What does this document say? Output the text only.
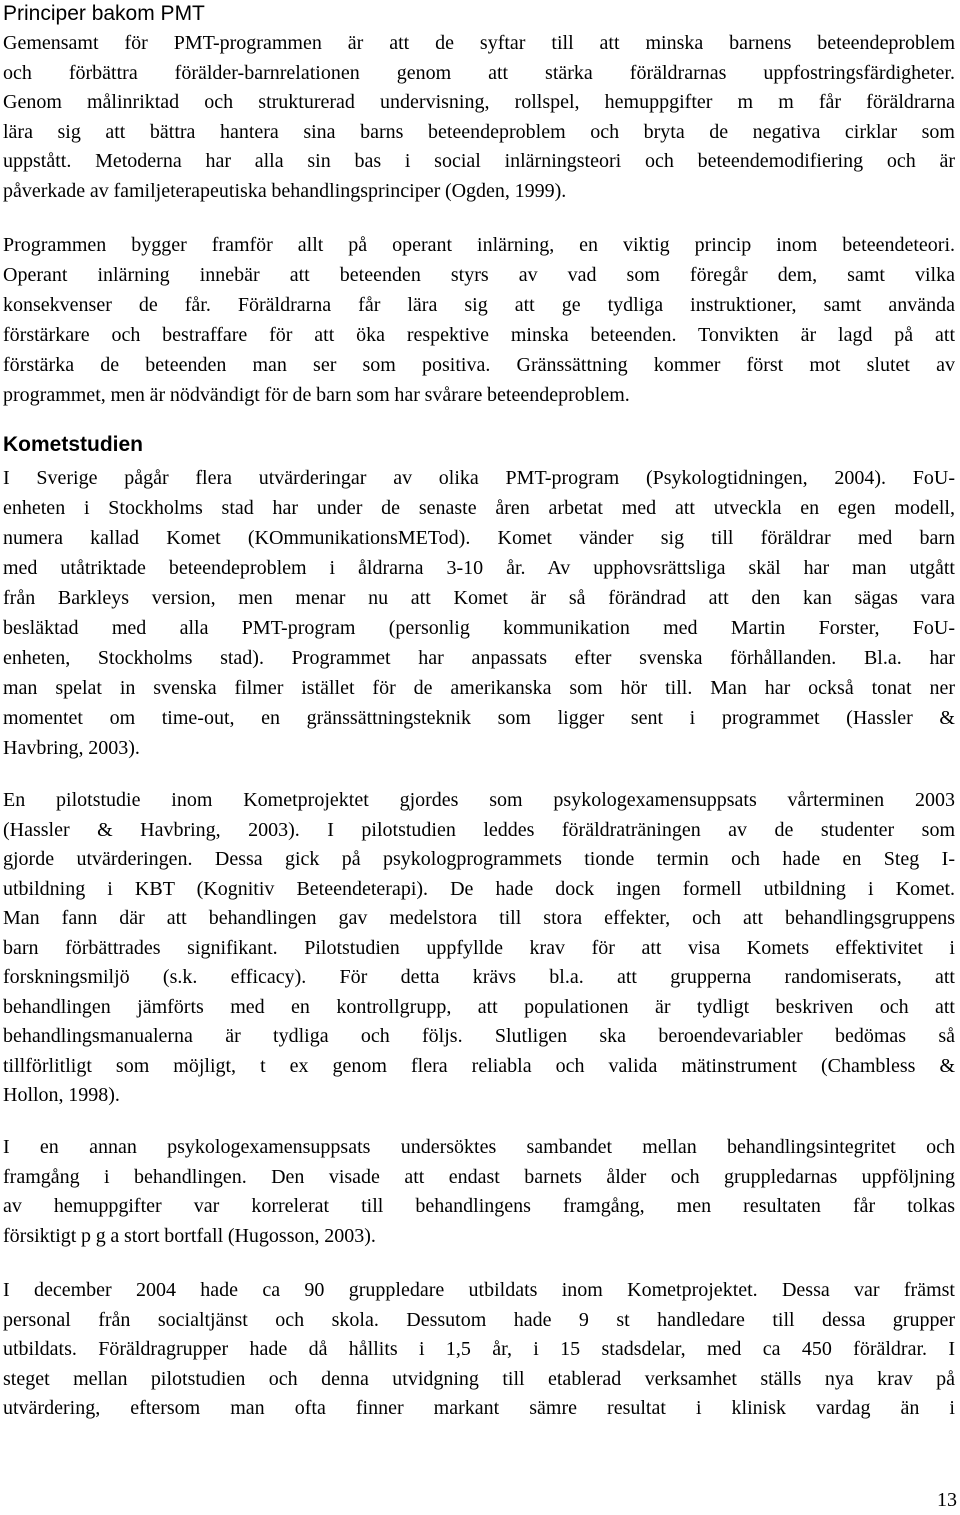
Principer bakom PMT
Gemensamt för PMT-programmen är att de syftar till att minska barnens beteendeproblem
och förbättra förälder-barnrelationen genom att stärka föräldrarnas uppfostringsfärdigheter.
Genom målinriktad och strukturerad undervisning, rollspel, hemuppgifter m m får föräldrarna
lära sig att bättra hantera sina barns beteendeproblem och bryta de negativa cirklar som
uppstått. Metoderna har alla sin bas i social inlärningsteori och beteendemodifiering och är
påverkade av familjeterapeutiska behandlingsprinciper (Ogden, 1999).
Programmen bygger framför allt på operant inlärning, en viktig princip inom beteendeteori.
Operant inlärning innebär att beteenden styrs av vad som föregår dem, samt vilka
konsekvenser de får. Föräldrarna får lära sig att ge tydliga instruktioner, samt använda
förstärkare och bestraffare för att öka respektive minska beteenden. Tonvikten är lagd på att
förstärka de beteenden man ser som positiva. Gränssättning kommer först mot slutet av
programmet, men är nödvändigt för de barn som har svårare beteendeproblem.
Kometstudien
I Sverige pågår flera utvärderingar av olika PMT-program (Psykologtidningen, 2004). FoU-
enheten i Stockholms stad har under de senaste åren arbetat med att utveckla en egen modell,
numera kallad Komet (KOmmunikationsMETod). Komet vänder sig till föräldrar med barn
med utåtriktade beteendeproblem i åldrarna 3-10 år. Av upphovsrättsliga skäl har man utgått
från Barkleys version, men menar nu att Komet är så förändrad att den kan sägas vara
besläktad med alla PMT-program (personlig kommunikation med Martin Forster, FoU-
enheten, Stockholms stad). Programmet har anpassats efter svenska förhållanden. Bl.a. har
man spelat in svenska filmer istället för de amerikanska som hör till. Man har också tonat ner
momentet om time-out, en gränssättningsteknik som ligger sent i programmet (Hassler &
Havbring, 2003).
En pilotstudie inom Kometprojektet gjordes som psykologexamensuppsats vårterminen 2003
(Hassler & Havbring, 2003). I pilotstudien leddes föräldraträningen av de studenter som
gjorde utvärderingen. Dessa gick på psykologprogrammets tionde termin och hade en Steg I-
utbildning i KBT (Kognitiv Beteendeterapi). De hade dock ingen formell utbildning i Komet.
Man fann där att behandlingen gav medelstora till stora effekter, och att behandlingsgruppens
barn förbättrades signifikant. Pilotstudien uppfyllde krav för att visa Komets effektivitet i
forskningsmiljö (s.k. efficacy). För detta krävs bl.a. att grupperna randomiserats, att
behandlingen jämförts med en kontrollgrupp, att populationen är tydligt beskriven och att
behandlingsmanualerna är tydliga och följs. Slutligen ska beroendevariabler bedömas så
tillförlitligt som möjligt, t ex genom flera reliabla och valida mätinstrument (Chambless &
Hollon, 1998).
I en annan psykologexamensuppsats undersöktes sambandet mellan behandlingsintegritet och
framgång i behandlingen. Den visade att endast barnets ålder och gruppledarnas uppföljning
av hemuppgifter var korrelerat till behandlingens framgång, men resultaten får tolkas
försiktigt p g a stort bortfall (Hugosson, 2003).
I december 2004 hade ca 90 gruppledare utbildats inom Kometprojektet. Dessa var främst
personal från socialtjänst och skola. Dessutom hade 9 st handledare till dessa grupper
utbildats. Föräldragrupper hade då hållits i 1,5 år, i 15 stadsdelar, med ca 450 föräldrar. I
steget mellan pilotstudien och denna utvidgning till etablerad verksamhet ställs nya krav på
utvärdering, eftersom man ofta finner markant sämre resultat i klinisk vardag än i
13
